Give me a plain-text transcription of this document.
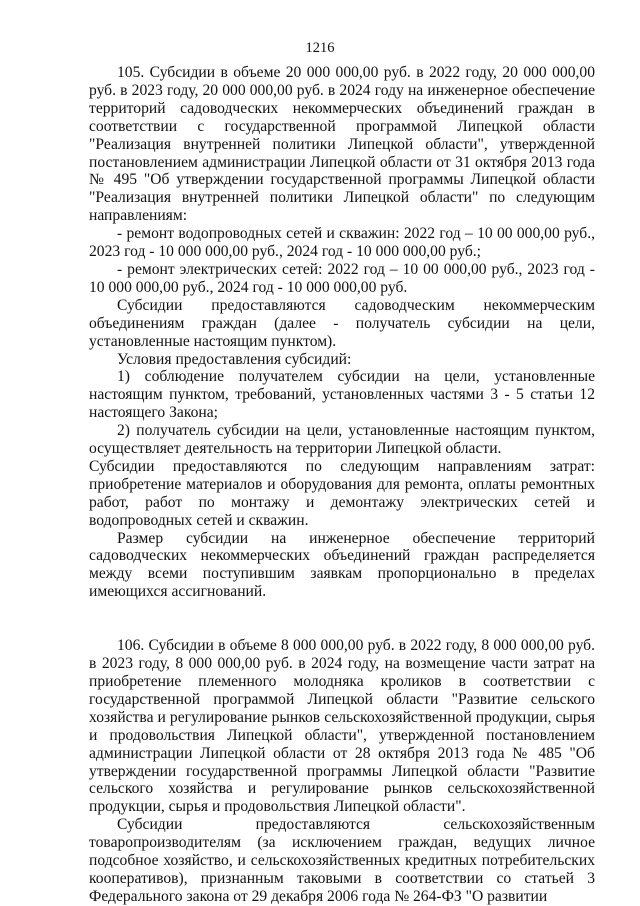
1216

105. Субсидии в объеме 20 000 000,00 руб. в 2022 году, 20 000 000,00 руб. в 2023 году, 20 000 000,00 руб. в 2024 году на инженерное обеспечение территорий садоводческих некоммерческих объединений граждан в соответствии с государственной программой Липецкой области "Реализация внутренней политики Липецкой области", утвержденной постановлением администрации Липецкой области от 31 октября 2013 года № 495 "Об утверждении государственной программы Липецкой области "Реализация внутренней политики Липецкой области" по следующим направлениям:

- ремонт водопроводных сетей и скважин: 2022 год – 10 00 000,00 руб., 2023 год - 10 000 000,00 руб., 2024 год - 10 000 000,00 руб.;

- ремонт электрических сетей: 2022 год – 10 00 000,00 руб., 2023 год - 10 000 000,00 руб., 2024 год - 10 000 000,00 руб.

Субсидии предоставляются садоводческим некоммерческим объединениям граждан (далее - получатель субсидии на цели, установленные настоящим пунктом).

Условия предоставления субсидий:

1) соблюдение получателем субсидии на цели, установленные настоящим пунктом, требований, установленных частями 3 - 5 статьи 12 настоящего Закона;

2) получатель субсидии на цели, установленные настоящим пунктом, осуществляет деятельность на территории Липецкой области.

Субсидии предоставляются по следующим направлениям затрат: приобретение материалов и оборудования для ремонта, оплаты ремонтных работ, работ по монтажу и демонтажу электрических сетей и водопроводных сетей и скважин.

Размер субсидии на инженерное обеспечение территорий садоводческих некоммерческих объединений граждан распределяется между всеми поступившим заявкам пропорционально в пределах имеющихся ассигнований.

106. Субсидии в объеме 8 000 000,00 руб. в 2022 году, 8 000 000,00 руб. в 2023 году, 8 000 000,00 руб. в 2024 году, на возмещение части затрат на приобретение племенного молодняка кроликов в соответствии с государственной программой Липецкой области "Развитие сельского хозяйства и регулирование рынков сельскохозяйственной продукции, сырья и продовольствия Липецкой области", утвержденной постановлением администрации Липецкой области от 28 октября 2013 года № 485 "Об утверждении государственной программы Липецкой области "Развитие сельского хозяйства и регулирование рынков сельскохозяйственной продукции, сырья и продовольствия Липецкой области".

Субсидии предоставляются сельскохозяйственным товаропроизводителям (за исключением граждан, ведущих личное подсобное хозяйство, и сельскохозяйственных кредитных потребительских кооперативов), признанным таковыми в соответствии со статьей 3 Федерального закона от 29 декабря 2006 года № 264-ФЗ "О развитии
